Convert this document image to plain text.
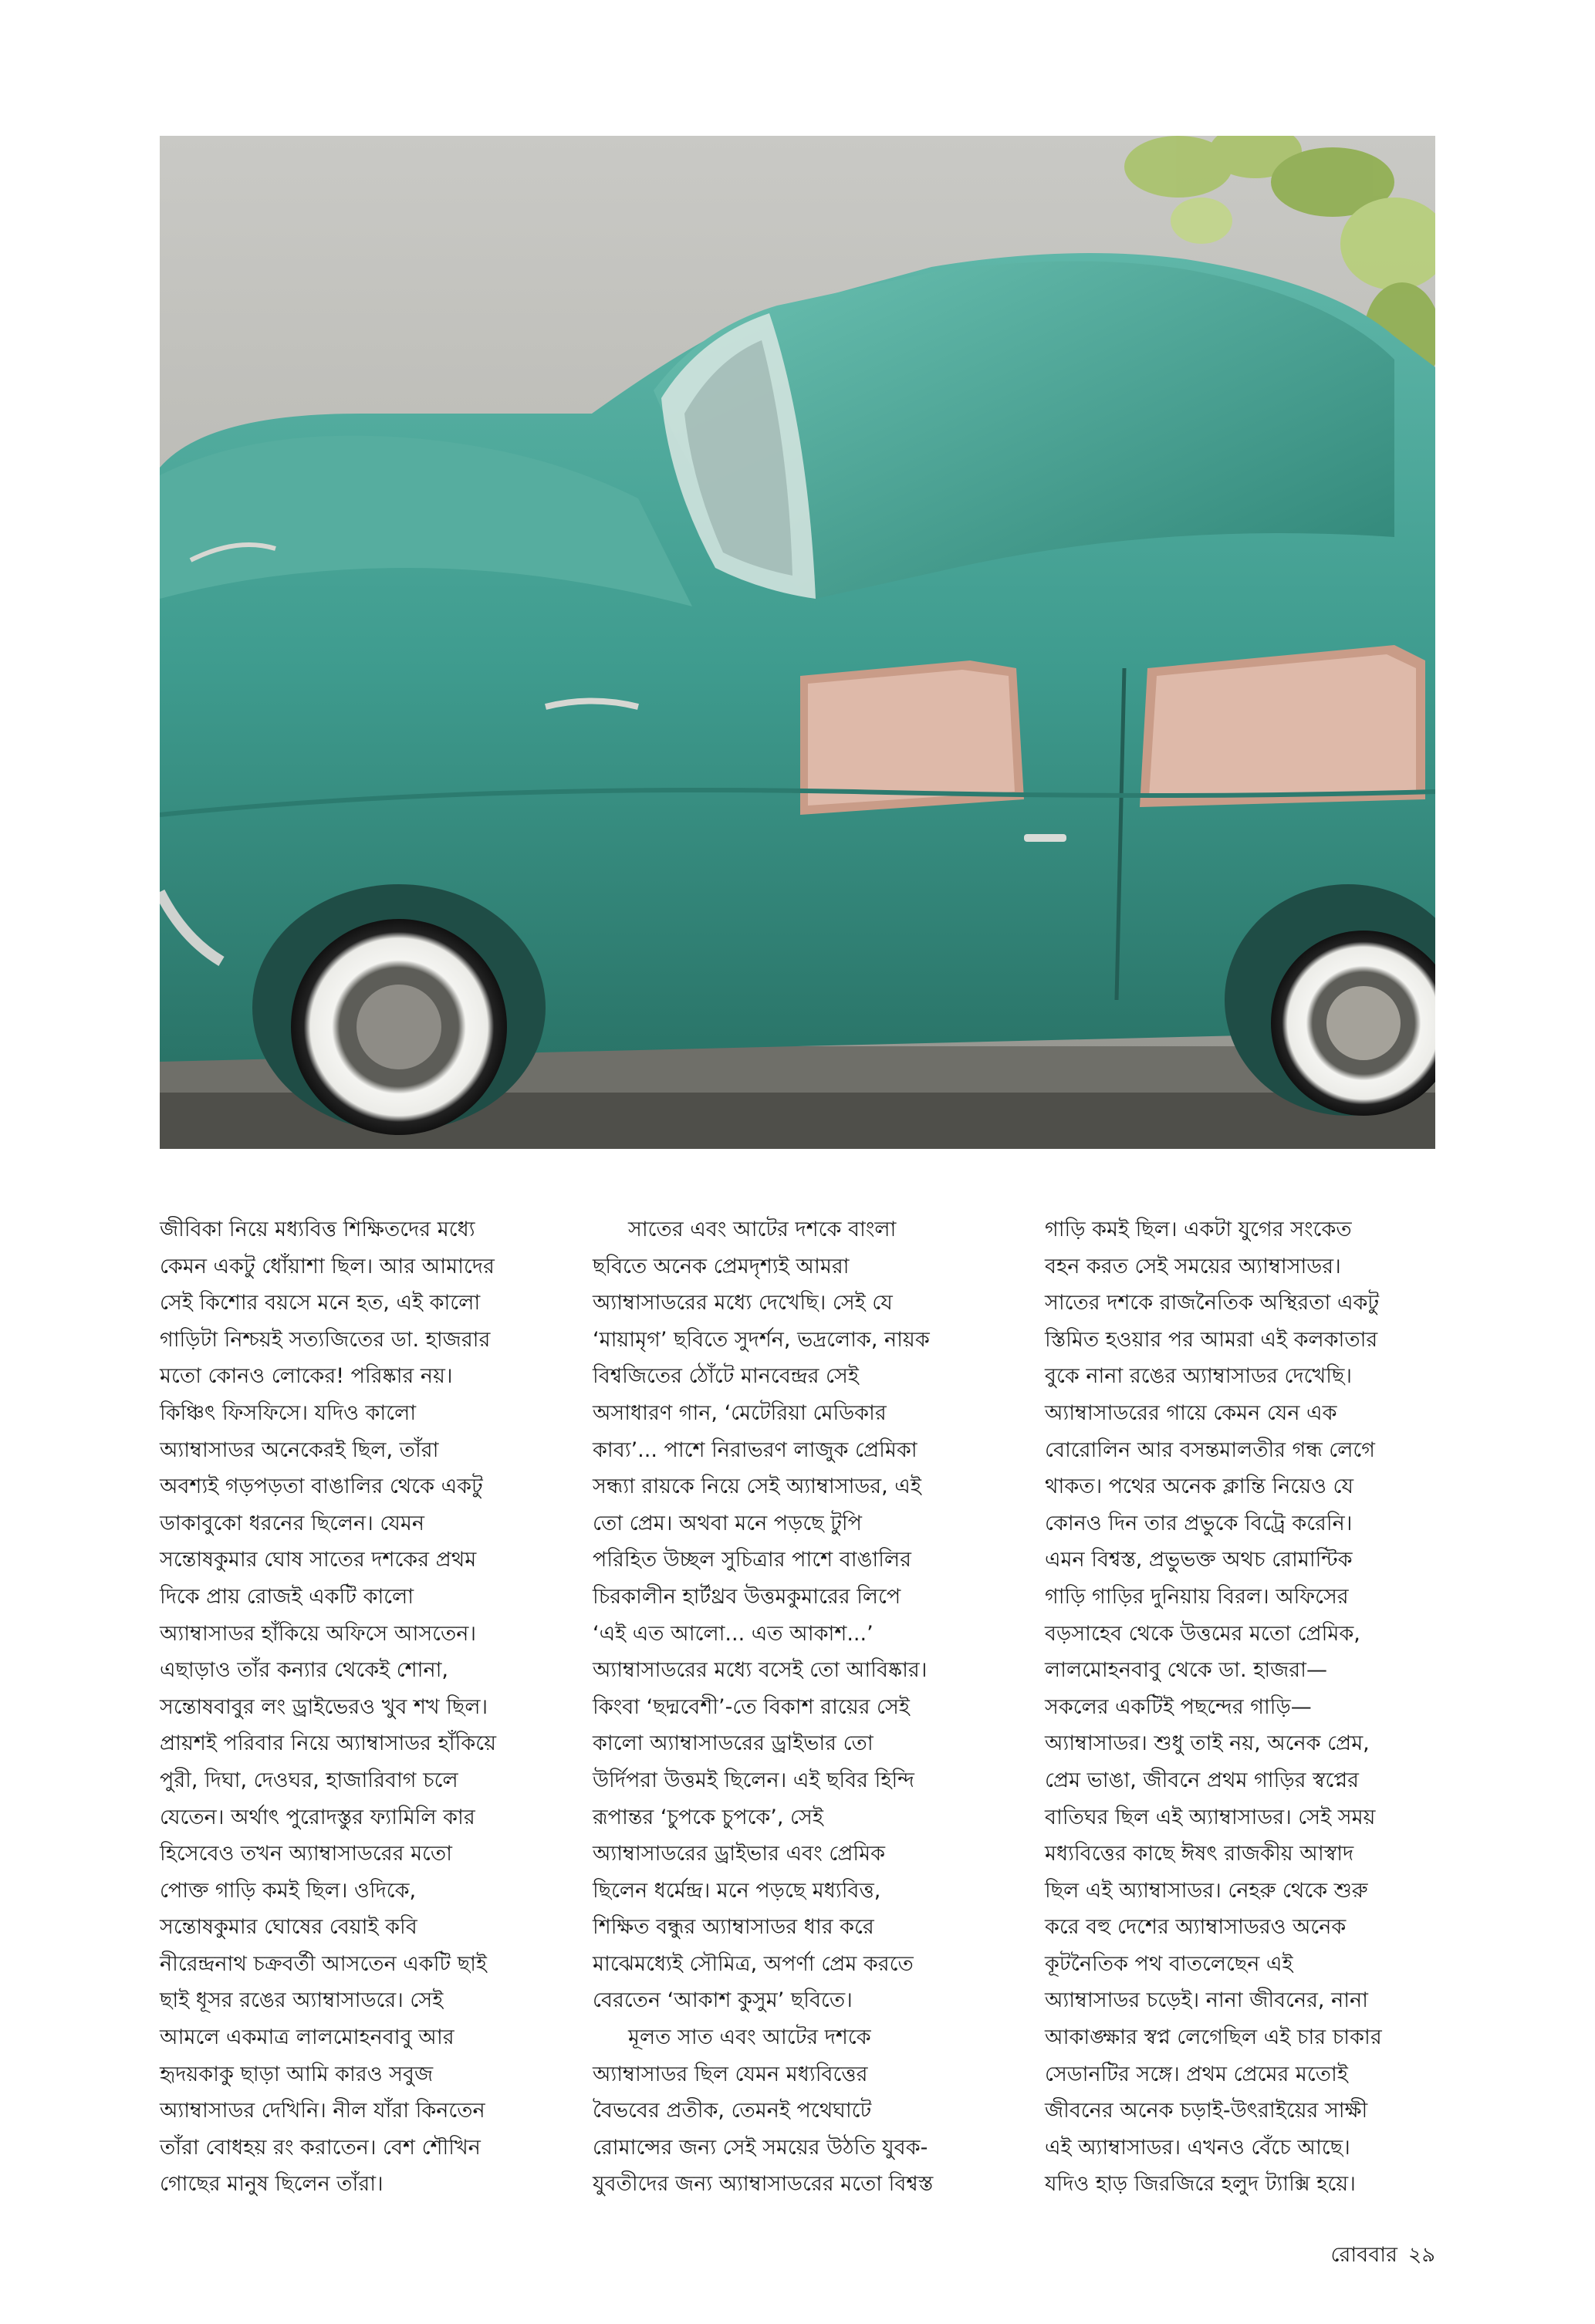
জীবিকা নিয়ে মধ্যবিত্ত শিক্ষিতদের মধ্যে
কেমন একটু ধোঁয়াশা ছিল। আর আমাদের
সেই কিশোর বয়সে মনে হত, এই কালো
গাড়িটা নিশ্চয়ই সত্যজিতের ডা. হাজরার
মতো কোনও লোকের! পরিষ্কার নয়।
কিঞ্চিৎ ফিসফিসে। যদিও কালো
অ্যাম্বাসাডর অনেকেরই ছিল, তাঁরা
অবশ্যই গড়পড়তা বাঙালির থেকে একটু
ডাকাবুকো ধরনের ছিলেন। যেমন
সন্তোষকুমার ঘোষ সাতের দশকের প্রথম
দিকে প্রায় রোজই একটি কালো
অ্যাম্বাসাডর হাঁকিয়ে অফিসে আসতেন।
এছাড়াও তাঁর কন্যার থেকেই শোনা,
সন্তোষবাবুর লং ড্রাইভেরও খুব শখ ছিল।
প্রায়শই পরিবার নিয়ে অ্যাম্বাসাডর হাঁকিয়ে
পুরী, দিঘা, দেওঘর, হাজারিবাগ চলে
যেতেন। অর্থাৎ পুরোদস্তুর ফ্যামিলি কার
হিসেবেও তখন অ্যাম্বাসাডরের মতো
পোক্ত গাড়ি কমই ছিল। ওদিকে,
সন্তোষকুমার ঘোষের বেয়াই কবি
নীরেন্দ্রনাথ চক্রবর্তী আসতেন একটি ছাই
ছাই ধূসর রঙের অ্যাম্বাসাডরে। সেই
আমলে একমাত্র লালমোহনবাবু আর
হৃদয়কাকু ছাড়া আমি কারও সবুজ
অ্যাম্বাসাডর দেখিনি। নীল যাঁরা কিনতেন
তাঁরা বোধহয় রং করাতেন। বেশ শৌখিন
গোছের মানুষ ছিলেন তাঁরা।

সাতের এবং আটের দশকে বাংলা
ছবিতে অনেক প্রেমদৃশ্যই আমরা
অ্যাম্বাসাডরের মধ্যে দেখেছি। সেই যে
‘মায়ামৃগ’ ছবিতে সুদর্শন, ভদ্রলোক, নায়ক
বিশ্বজিতের ঠোঁটে মানবেন্দ্রর সেই
অসাধারণ গান, ‘মেটেরিয়া মেডিকার
কাব্য’... পাশে নিরাভরণ লাজুক প্রেমিকা
সন্ধ্যা রায়কে নিয়ে সেই অ্যাম্বাসাডর, এই
তো প্রেম। অথবা মনে পড়ছে টুপি
পরিহিত উচ্ছল সুচিত্রার পাশে বাঙালির
চিরকালীন হার্টথ্রব উত্তমকুমারের লিপে
‘এই এত আলো... এত আকাশ...’
অ্যাম্বাসাডরের মধ্যে বসেই তো আবিষ্কার।
কিংবা ‘ছদ্মবেশী’-তে বিকাশ রায়ের সেই
কালো অ্যাম্বাসাডরের ড্রাইভার তো
উর্দিপরা উত্তমই ছিলেন। এই ছবির হিন্দি
রূপান্তর ‘চুপকে চুপকে’, সেই
অ্যাম্বাসাডরের ড্রাইভার এবং প্রেমিক
ছিলেন ধর্মেন্দ্র। মনে পড়ছে মধ্যবিত্ত,
শিক্ষিত বন্ধুর অ্যাম্বাসাডর ধার করে
মাঝেমধ্যেই সৌমিত্র, অপর্ণা প্রেম করতে
বেরতেন ‘আকাশ কুসুম’ ছবিতে।

মূলত সাত এবং আটের দশকে
অ্যাম্বাসাডর ছিল যেমন মধ্যবিত্তের
বৈভবের প্রতীক, তেমনই পথেঘাটে
রোমান্সের জন্য সেই সময়ের উঠতি যুবক-
যুবতীদের জন্য অ্যাম্বাসাডরের মতো বিশ্বস্ত

গাড়ি কমই ছিল। একটা যুগের সংকেত
বহন করত সেই সময়ের অ্যাম্বাসাডর।
সাতের দশকে রাজনৈতিক অস্থিরতা একটু
স্তিমিত হওয়ার পর আমরা এই কলকাতার
বুকে নানা রঙের অ্যাম্বাসাডর দেখেছি।
অ্যাম্বাসাডরের গায়ে কেমন যেন এক
বোরোলিন আর বসন্তমালতীর গন্ধ লেগে
থাকত। পথের অনেক ক্লান্তি নিয়েও যে
কোনও দিন তার প্রভুকে বিট্রে করেনি।
এমন বিশ্বস্ত, প্রভুভক্ত অথচ রোমান্টিক
গাড়ি গাড়ির দুনিয়ায় বিরল। অফিসের
বড়সাহেব থেকে উত্তমের মতো প্রেমিক,
লালমোহনবাবু থেকে ডা. হাজরা—
সকলের একটিই পছন্দের গাড়ি—
অ্যাম্বাসাডর। শুধু তাই নয়, অনেক প্রেম,
প্রেম ভাঙা, জীবনে প্রথম গাড়ির স্বপ্নের
বাতিঘর ছিল এই অ্যাম্বাসাডর। সেই সময়
মধ্যবিত্তের কাছে ঈষৎ রাজকীয় আস্বাদ
ছিল এই অ্যাম্বাসাডর। নেহরু থেকে শুরু
করে বহু দেশের অ্যাম্বাসাডরও অনেক
কূটনৈতিক পথ বাতলেছেন এই
অ্যাম্বাসাডর চড়েই। নানা জীবনের, নানা
আকাঙ্ক্ষার স্বপ্ন লেগেছিল এই চার চাকার
সেডানটির সঙ্গে। প্রথম প্রেমের মতোই
জীবনের অনেক চড়াই-উৎরাইয়ের সাক্ষী
এই অ্যাম্বাসাডর। এখনও বেঁচে আছে।
যদিও হাড় জিরজিরে হলুদ ট্যাক্সি হয়ে।

রোববার ২৯
